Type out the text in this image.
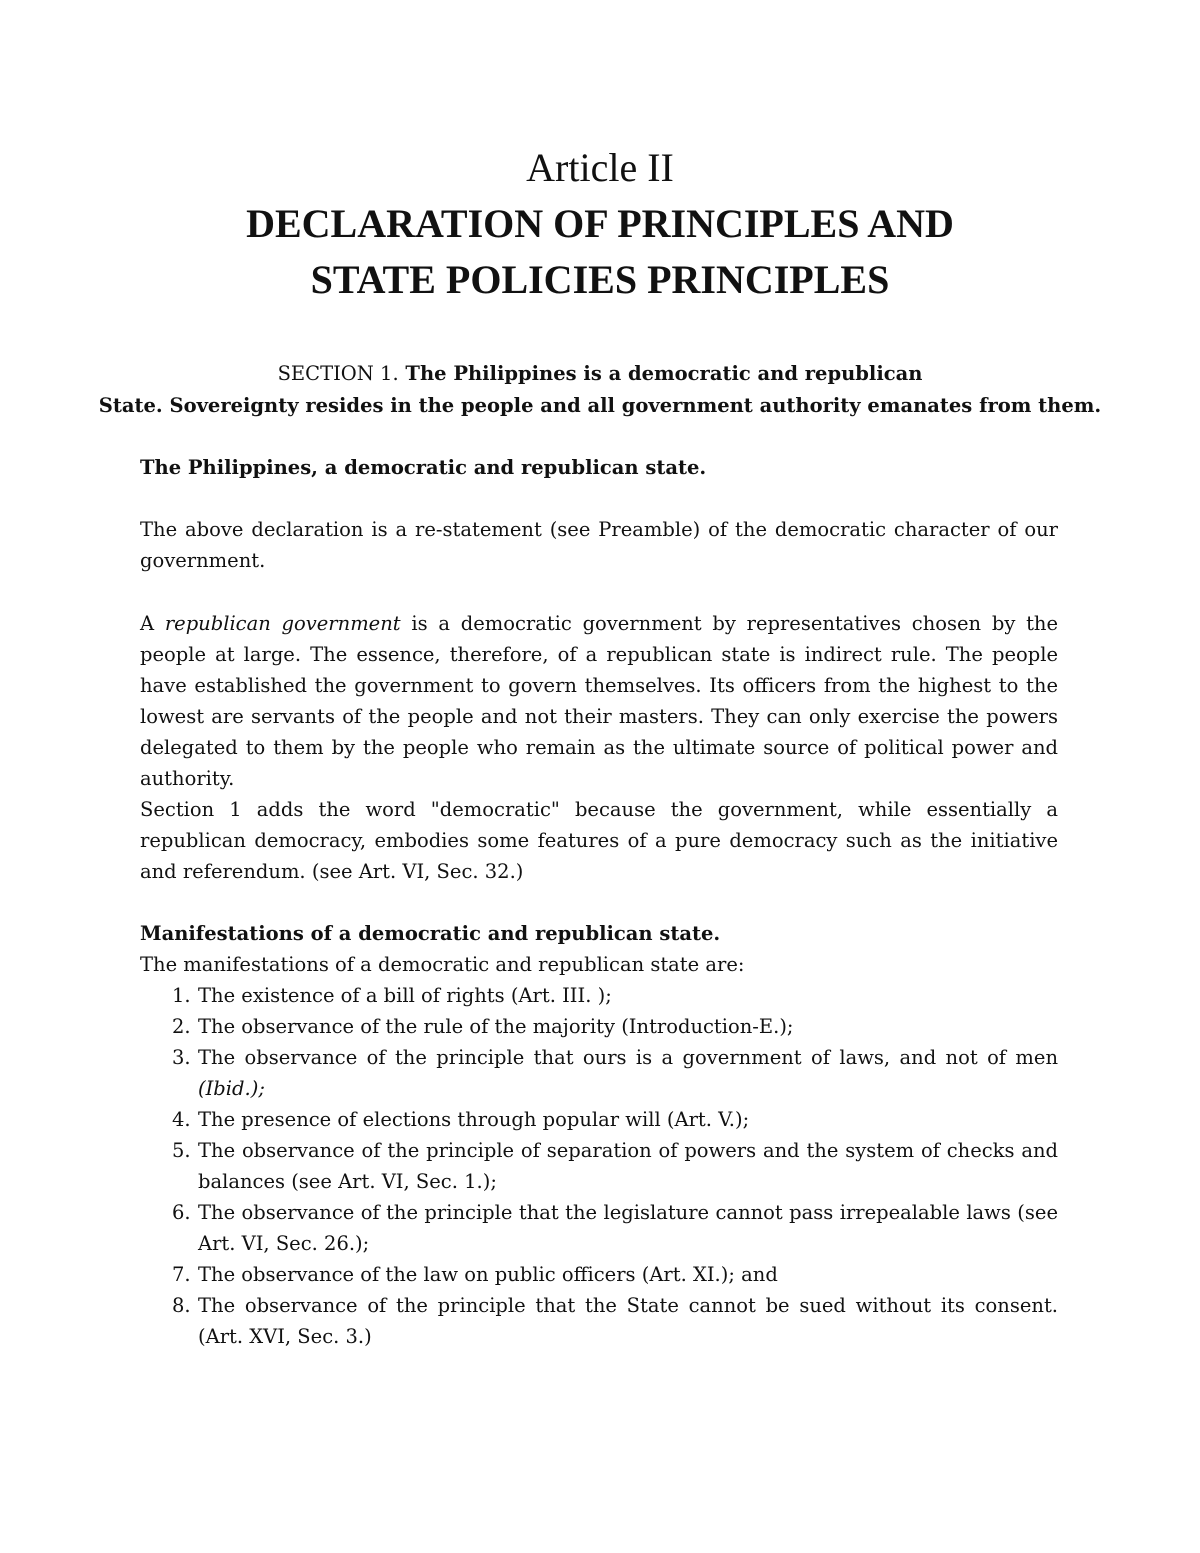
Article II
DECLARATION OF PRINCIPLES AND
STATE POLICIES PRINCIPLES
SECTION 1. The Philippines is a democratic and republican
State. Sovereignty resides in the people and all government authority emanates from them.
The Philippines, a democratic and republican state.
The above declaration is a re-statement (see Preamble) of the democratic character of our government.
A republican government is a democratic government by representatives chosen by the people at large. The essence, therefore, of a republican state is indirect rule. The people have established the government to govern themselves. Its officers from the highest to the lowest are servants of the people and not their masters. They can only exercise the powers delegated to them by the people who remain as the ultimate source of political power and authority.
Section 1 adds the word "democratic" because the government, while essentially a republican democracy, embodies some features of a pure democracy such as the initiative and referendum. (see Art. VI, Sec. 32.)
Manifestations of a democratic and republican state.
The manifestations of a democratic and republican state are:
1. The existence of a bill of rights (Art. III. );
2. The observance of the rule of the majority (Introduction-E.);
3. The observance of the principle that ours is a government of laws, and not of men (Ibid.);
4. The presence of elections through popular will (Art. V.);
5. The observance of the principle of separation of powers and the system of checks and balances (see Art. VI, Sec. 1.);
6. The observance of the principle that the legislature cannot pass irrepealable laws (see Art. VI, Sec. 26.);
7. The observance of the law on public officers (Art. XI.); and
8. The observance of the principle that the State cannot be sued without its consent. (Art. XVI, Sec. 3.)
